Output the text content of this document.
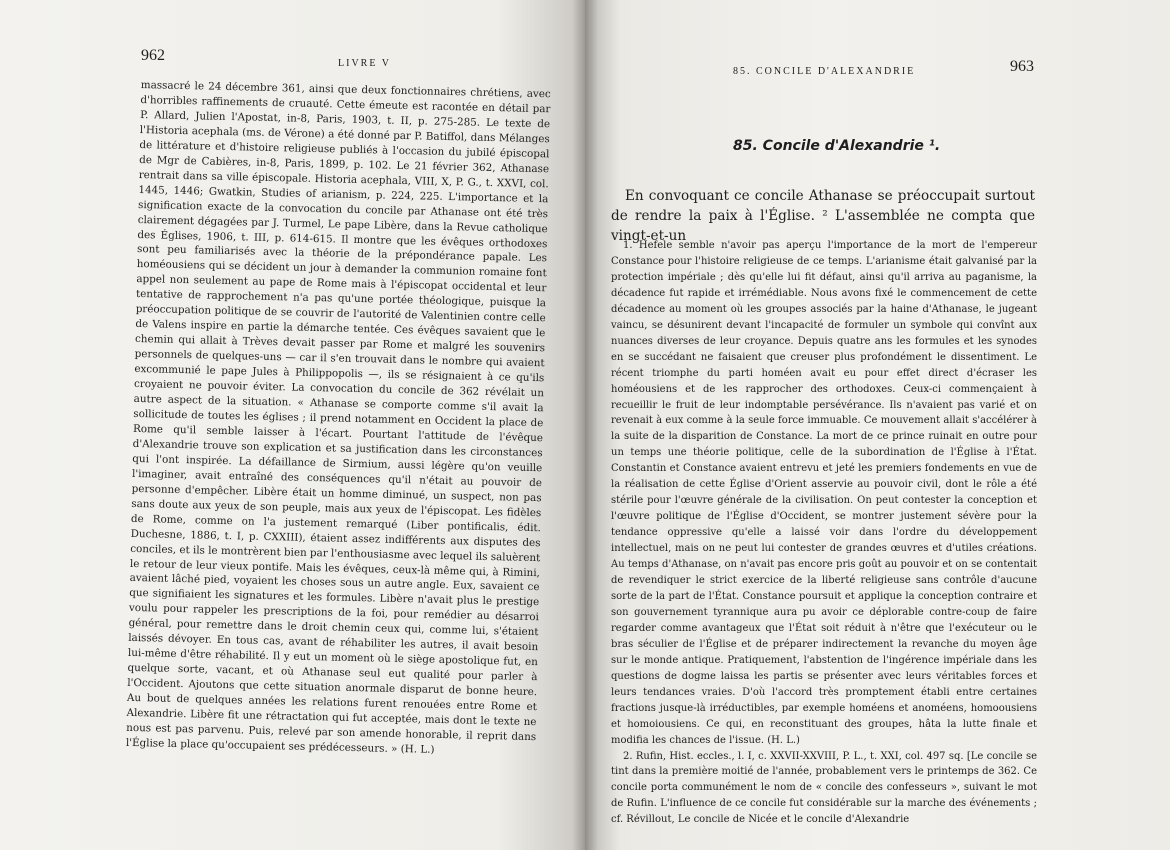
962	LIVRE V

massacré le 24 décembre 361, ainsi que deux fonctionnaires chrétiens, avec d'horribles raffinements de cruauté. Cette émeute est racontée en détail par P. Allard, Julien l'Apostat, in-8, Paris, 1903, t. II, p. 275-285. Le texte de l'Historia acephala (ms. de Vérone) a été donné par P. Batiffol, dans Mélanges de littérature et d'histoire religieuse publiés à l'occasion du jubilé épiscopal de Mgr de Cabières, in-8, Paris, 1899, p. 102. Le 21 février 362, Athanase rentrait dans sa ville épiscopale. Historia acephala, VIII, X, P. G., t. XXVI, col. 1445, 1446; Gwatkin, Studies of arianism, p. 224, 225. L'importance et la signification exacte de la convocation du concile par Athanase ont été très clairement dégagées par J. Turmel, Le pape Libère, dans la Revue catholique des Églises, 1906, t. III, p. 614-615. Il montre que les évêques orthodoxes sont peu familiarisés avec la théorie de la prépondérance papale. Les homéousiens qui se décident un jour à demander la communion romaine font appel non seulement au pape de Rome mais à l'épiscopat occidental et leur tentative de rapprochement n'a pas qu'une portée théologique, puisque la préoccupation politique de se couvrir de l'autorité de Valentinien contre celle de Valens inspire en partie la démarche tentée. Ces évêques savaient que le chemin qui allait à Trèves devait passer par Rome et malgré les souvenirs personnels de quelques-uns — car il s'en trouvait dans le nombre qui avaient excommunié le pape Jules à Philippopolis —, ils se résignaient à ce qu'ils croyaient ne pouvoir éviter. La convocation du concile de 362 révélait un autre aspect de la situation. « Athanase se comporte comme s'il avait la sollicitude de toutes les églises ; il prend notamment en Occident la place de Rome qu'il semble laisser à l'écart. Pourtant l'attitude de l'évêque d'Alexandrie trouve son explication et sa justification dans les circonstances qui l'ont inspirée. La défaillance de Sirmium, aussi légère qu'on veuille l'imaginer, avait entraîné des conséquences qu'il n'était au pouvoir de personne d'empêcher. Libère était un homme diminué, un suspect, non pas sans doute aux yeux de son peuple, mais aux yeux de l'épiscopat. Les fidèles de Rome, comme on l'a justement remarqué (Liber pontificalis, édit. Duchesne, 1886, t. I, p. CXXIII), étaient assez indifférents aux disputes des conciles, et ils le montrèrent bien par l'enthousiasme avec lequel ils saluèrent le retour de leur vieux pontife. Mais les évêques, ceux-là même qui, à Rimini, avaient lâché pied, voyaient les choses sous un autre angle. Eux, savaient ce que signifiaient les signatures et les formules. Libère n'avait plus le prestige voulu pour rappeler les prescriptions de la foi, pour remédier au désarroi général, pour remettre dans le droit chemin ceux qui, comme lui, s'étaient laissés dévoyer. En tous cas, avant de réhabiliter les autres, il avait besoin lui-même d'être réhabilité. Il y eut un moment où le siège apostolique fut, en quelque sorte, vacant, et où Athanase seul eut qualité pour parler à l'Occident. Ajoutons que cette situation anormale disparut de bonne heure. Au bout de quelques années les relations furent renouées entre Rome et Alexandrie. Libère fit une rétractation qui fut acceptée, mais dont le texte ne nous est pas parvenu. Puis, relevé par son amende honorable, il reprit dans l'Église la place qu'occupaient ses prédécesseurs. » (H. L.)

85. CONCILE D'ALEXANDRIE	963
85. Concile d'Alexandrie ¹.
En convoquant ce concile Athanase se préoccupait surtout de rendre la paix à l'Église. ² L'assemblée ne compta que vingt-et-un

1. Hefele semble n'avoir pas aperçu l'importance de la mort de l'empereur Constance pour l'histoire religieuse de ce temps. L'arianisme était galvanisé par la protection impériale ; dès qu'elle lui fit défaut, ainsi qu'il arriva au paganisme, la décadence fut rapide et irrémédiable. Nous avons fixé le commencement de cette décadence au moment où les groupes associés par la haine d'Athanase, le jugeant vaincu, se désunirent devant l'incapacité de formuler un symbole qui convînt aux nuances diverses de leur croyance. Depuis quatre ans les formules et les synodes en se succédant ne faisaient que creuser plus profondément le dissentiment. Le récent triomphe du parti homéen avait eu pour effet direct d'écraser les homéousiens et de les rapprocher des orthodoxes. Ceux-ci commençaient à recueillir le fruit de leur indomptable persévérance. Ils n'avaient pas varié et on revenait à eux comme à la seule force immuable. Ce mouvement allait s'accélérer à la suite de la disparition de Constance. La mort de ce prince ruinait en outre pour un temps une théorie politique, celle de la subordination de l'Église à l'État. Constantin et Constance avaient entrevu et jeté les premiers fondements en vue de la réalisation de cette Église d'Orient asservie au pouvoir civil, dont le rôle a été stérile pour l'œuvre générale de la civilisation. On peut contester la conception et l'œuvre politique de l'Église d'Occident, se montrer justement sévère pour la tendance oppressive qu'elle a laissé voir dans l'ordre du développement intellectuel, mais on ne peut lui contester de grandes œuvres et d'utiles créations. Au temps d'Athanase, on n'avait pas encore pris goût au pouvoir et on se contentait de revendiquer le strict exercice de la liberté religieuse sans contrôle d'aucune sorte de la part de l'État. Constance poursuit et applique la conception contraire et son gouvernement tyrannique aura pu avoir ce déplorable contre-coup de faire regarder comme avantageux que l'État soit réduit à n'être que l'exécuteur ou le bras séculier de l'Église et de préparer indirectement la revanche du moyen âge sur le monde antique. Pratiquement, l'abstention de l'ingérence impériale dans les questions de dogme laissa les partis se présenter avec leurs véritables forces et leurs tendances vraies. D'où l'accord très promptement établi entre certaines fractions jusque-là irréductibles, par exemple homéens et anoméens, homoousiens et homoiousiens. Ce qui, en reconstituant des groupes, hâta la lutte finale et modifia les chances de l'issue. (H. L.)

2. Rufin, Hist. eccles., l. I, c. XXVII-XXVIII, P. L., t. XXI, col. 497 sq. [Le concile se tint dans la première moitié de l'année, probablement vers le printemps de 362. Ce concile porta communément le nom de « concile des confesseurs », suivant le mot de Rufin. L'influence de ce concile fut considérable sur la marche des événements ; cf. Révillout, Le concile de Nicée et le concile d'Alexandrie
